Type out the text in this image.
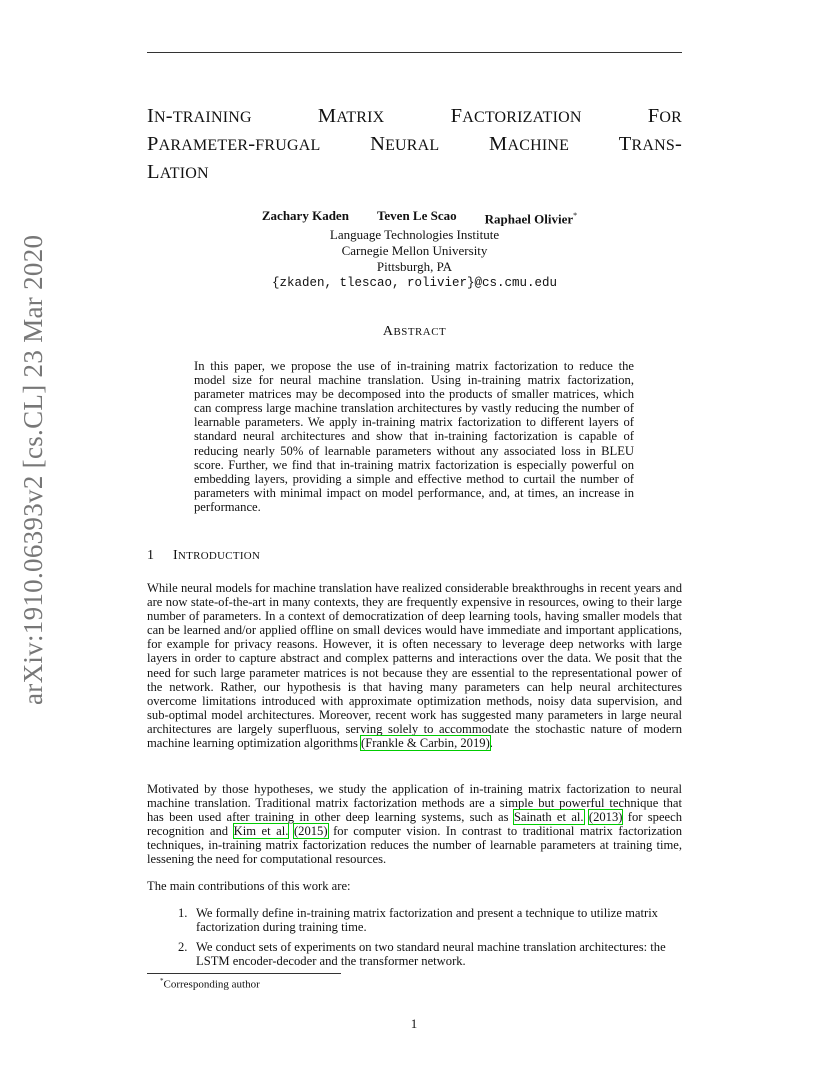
arXiv:1910.06393v2 [cs.CL] 23 Mar 2020
IN-TRAINING	MATRIX	FACTORIZATION	FOR
PARAMETER-FRUGAL NEURAL MACHINE TRANS-
LATION
Zachary Kaden Teven Le Scao Raphael Olivier*
Language Technologies Institute
Carnegie Mellon University
Pittsburgh, PA
{zkaden, tlescao, rolivier}@cs.cmu.edu
ABSTRACT
In this paper, we propose the use of in-training matrix factorization to reduce the model size for neural machine translation. Using in-training matrix factorization, parameter matrices may be decomposed into the products of smaller matrices, which can compress large machine translation architectures by vastly reducing the number of learnable parameters. We apply in-training matrix factorization to different layers of standard neural architectures and show that in-training factorization is capable of reducing nearly 50% of learnable parameters without any associated loss in BLEU score. Further, we find that in-training matrix factorization is especially powerful on embedding layers, providing a simple and effective method to curtail the number of parameters with minimal impact on model performance, and, at times, an increase in performance.
1 INTRODUCTION
While neural models for machine translation have realized considerable breakthroughs in recent years and are now state-of-the-art in many contexts, they are frequently expensive in resources, owing to their large number of parameters. In a context of democratization of deep learning tools, having smaller models that can be learned and/or applied offline on small devices would have immediate and important applications, for example for privacy reasons. However, it is often necessary to leverage deep networks with large layers in order to capture abstract and complex patterns and interactions over the data. We posit that the need for such large parameter matrices is not because they are essential to the representational power of the network. Rather, our hypothesis is that having many parameters can help neural architectures overcome limitations introduced with approximate optimization methods, noisy data supervision, and sub-optimal model architectures. Moreover, recent work has suggested many parameters in large neural architectures are largely superfluous, serving solely to accommodate the stochastic nature of modern machine learning optimization algorithms (Frankle & Carbin, 2019).
Motivated by those hypotheses, we study the application of in-training matrix factorization to neural machine translation. Traditional matrix factorization methods are a simple but powerful technique that has been used after training in other deep learning systems, such as Sainath et al. (2013) for speech recognition and Kim et al. (2015) for computer vision. In contrast to traditional matrix factorization techniques, in-training matrix factorization reduces the number of learnable parameters at training time, lessening the need for computational resources.
The main contributions of this work are:
1. We formally define in-training matrix factorization and present a technique to utilize matrix factorization during training time.
2. We conduct sets of experiments on two standard neural machine translation architectures: the LSTM encoder-decoder and the transformer network.
*Corresponding author
1
